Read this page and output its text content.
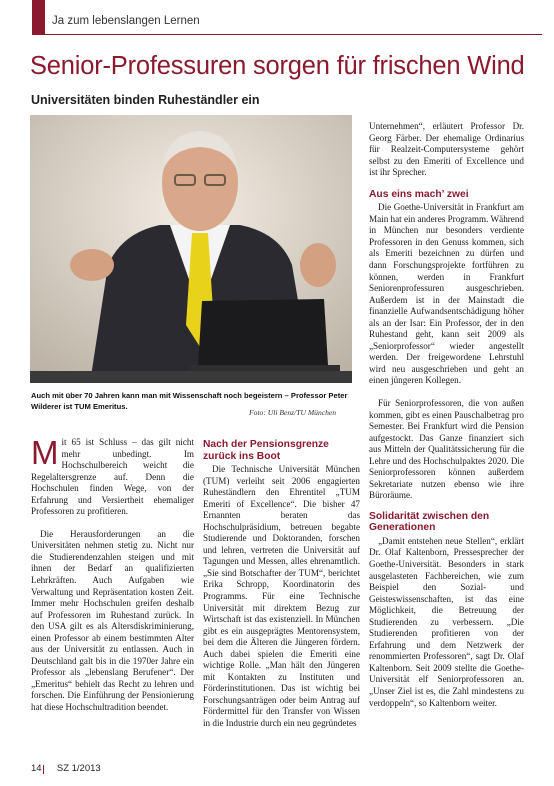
Ja zum lebenslangen Lernen
Senior-Professuren sorgen für frischen Wind
Universitäten binden Ruheständler ein
Auch mit über 70 Jahren kann man mit Wissenschaft noch begeistern – Professor Peter Wilderer ist TUM Emeritus.
Foto: Uli Benz/TU München

Mit 65 ist Schluss – das gilt nicht mehr unbedingt. Im Hochschulbereich weicht die Regelaltersgrenze auf. Denn die Hochschulen finden Wege, von der Erfahrung und Versiertheit ehemaliger Professoren zu profitieren.

Die Herausforderungen an die Universitäten nehmen stetig zu. Nicht nur die Studierendenzahlen steigen und mit ihnen der Bedarf an qualifizierten Lehrkräften. Auch Aufgaben wie Verwaltung und Repräsentation kosten Zeit. Immer mehr Hochschulen greifen deshalb auf Professoren im Ruhestand zurück. In den USA gilt es als Altersdiskriminierung, einen Professor ab einem bestimmten Alter aus der Universität zu entlassen. Auch in Deutschland galt bis in die 1970er Jahre ein Professor als „lebenslang Berufener“. Der „Emeritus“ behielt das Recht zu lehren und forschen. Die Einführung der Pensionierung hat diese Hochschultradition beendet.

Nach der Pensionsgrenze zurück ins Boot

Die Technische Universität München (TUM) verleiht seit 2006 engagierten Ruheständlern den Ehrentitel „TUM Emeriti of Excellence“. Die bisher 47 Ernannten beraten das Hochschulpräsidium, betreuen begabte Studierende und Doktoranden, forschen und lehren, vertreten die Universität auf Tagungen und Messen, alles ehrenamtlich. „Sie sind Botschafter der TUM“, berichtet Erika Schropp, Koordinatorin des Programms. Für eine Technische Universität mit direktem Bezug zur Wirtschaft ist das existenziell. In München gibt es ein ausgeprägtes Mentorensystem, bei dem die Älteren die Jüngeren fördern. Auch dabei spielen die Emeriti eine wichtige Rolle. „Man hält den Jüngeren mit Kontakten zu Instituten und Förderinstitutionen. Das ist wichtig bei Forschungsanträgen oder beim Antrag auf Fördermittel für den Transfer von Wissen in die Industrie durch ein neu gegründetes

Unternehmen“, erläutert Professor Dr. Georg Färber. Der ehemalige Ordinarius für Realzeit-Computersysteme gehört selbst zu den Emeriti of Excellence und ist ihr Sprecher.

Aus eins mach’ zwei

Die Goethe-Universität in Frankfurt am Main hat ein anderes Programm. Während in München nur besonders verdiente Professoren in den Genuss kommen, sich als Emeriti bezeichnen zu dürfen und dann Forschungsprojekte fortführen zu können, werden in Frankfurt Seniorenprofessuren ausgeschrieben. Außerdem ist in der Mainstadt die finanzielle Aufwandsentschädigung höher als an der Isar: Ein Professor, der in den Ruhestand geht, kann seit 2009 als „Seniorprofessor“ wieder angestellt werden. Der freigewordene Lehrstuhl wird neu ausgeschrieben und geht an einen jüngeren Kollegen.

Für Seniorprofessoren, die von außen kommen, gibt es einen Pauschalbetrag pro Semester. Bei Frankfurt wird die Pension aufgestockt. Das Ganze finanziert sich aus Mitteln der Qualitätssicherung für die Lehre und des Hochschulpaktes 2020. Die Seniorprofessoren können außerdem Sekretariate nutzen ebenso wie ihre Büroräume.

Solidarität zwischen den Generationen

„Damit entstehen neue Stellen“, erklärt Dr. Olaf Kaltenborn, Pressesprecher der Goethe-Universität. Besonders in stark ausgelasteten Fachbereichen, wie zum Beispiel den Sozial- und Geisteswissenschaften, ist das eine Möglichkeit, die Betreuung der Studierenden zu verbessern. „Die Studierenden profitieren von der Erfahrung und dem Netzwerk der renommierten Professoren“, sagt Dr. Olaf Kaltenborn. Seit 2009 stellte die Goethe-Universität elf Seniorprofessoren an. „Unser Ziel ist es, die Zahl mindestens zu verdoppeln“, so Kaltenborn weiter.

14 SZ 1/2013
